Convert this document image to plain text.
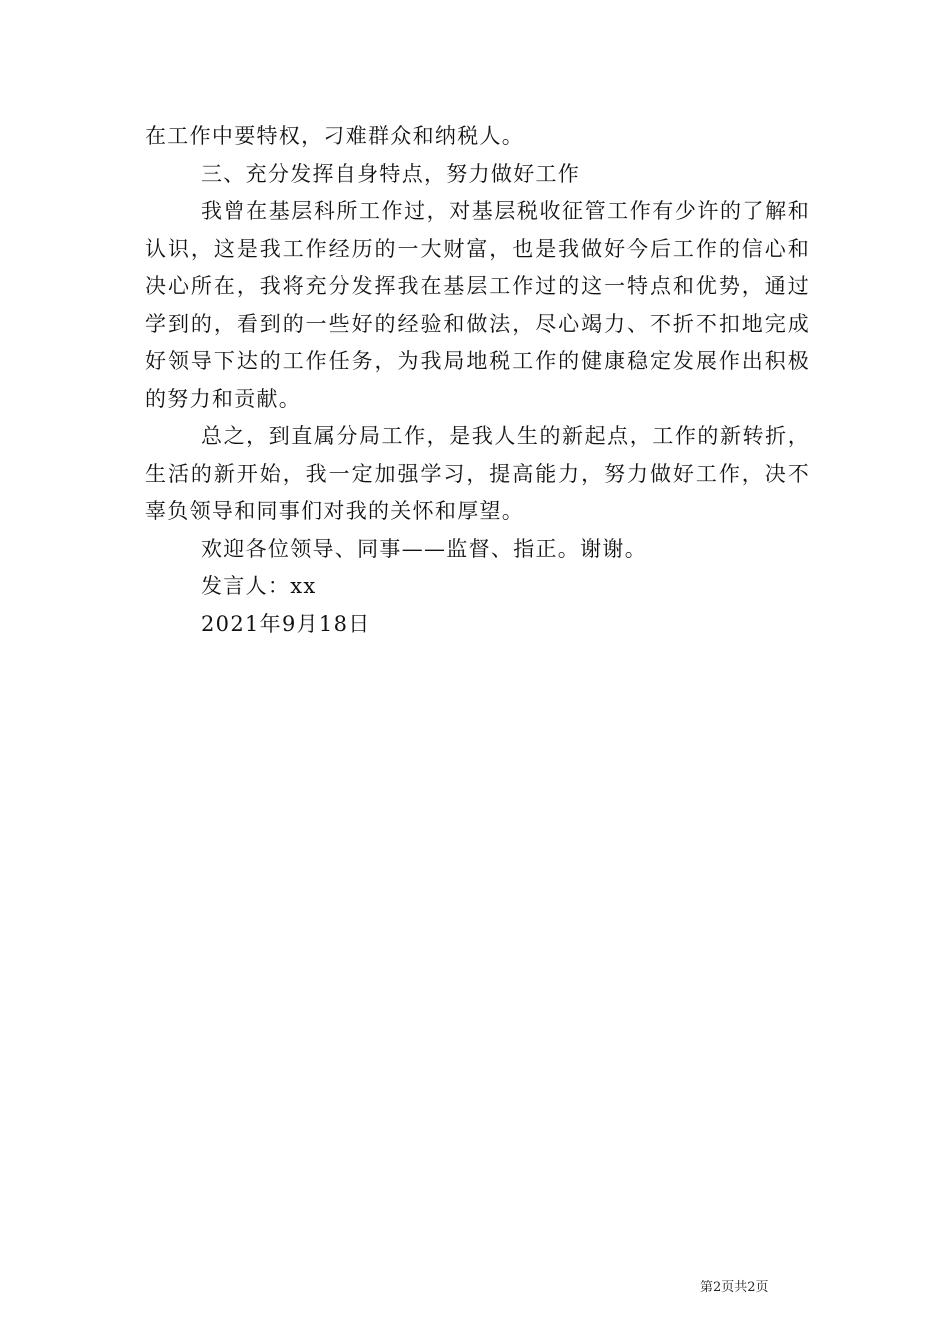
在工作中要特权，刁难群众和纳税人。

三、充分发挥自身特点，努力做好工作

我曾在基层科所工作过，对基层税收征管工作有少许的了解和认识，这是我工作经历的一大财富，也是我做好今后工作的信心和决心所在，我将充分发挥我在基层工作过的这一特点和优势，通过学到的，看到的一些好的经验和做法，尽心竭力、不折不扣地完成好领导下达的工作任务，为我局地税工作的健康稳定发展作出积极的努力和贡献。

总之，到直属分局工作，是我人生的新起点，工作的新转折，生活的新开始，我一定加强学习，提高能力，努力做好工作，决不辜负领导和同事们对我的关怀和厚望。

欢迎各位领导、同事——监督、指正。谢谢。

发言人：xx

2021年9月18日

第2页共2页
